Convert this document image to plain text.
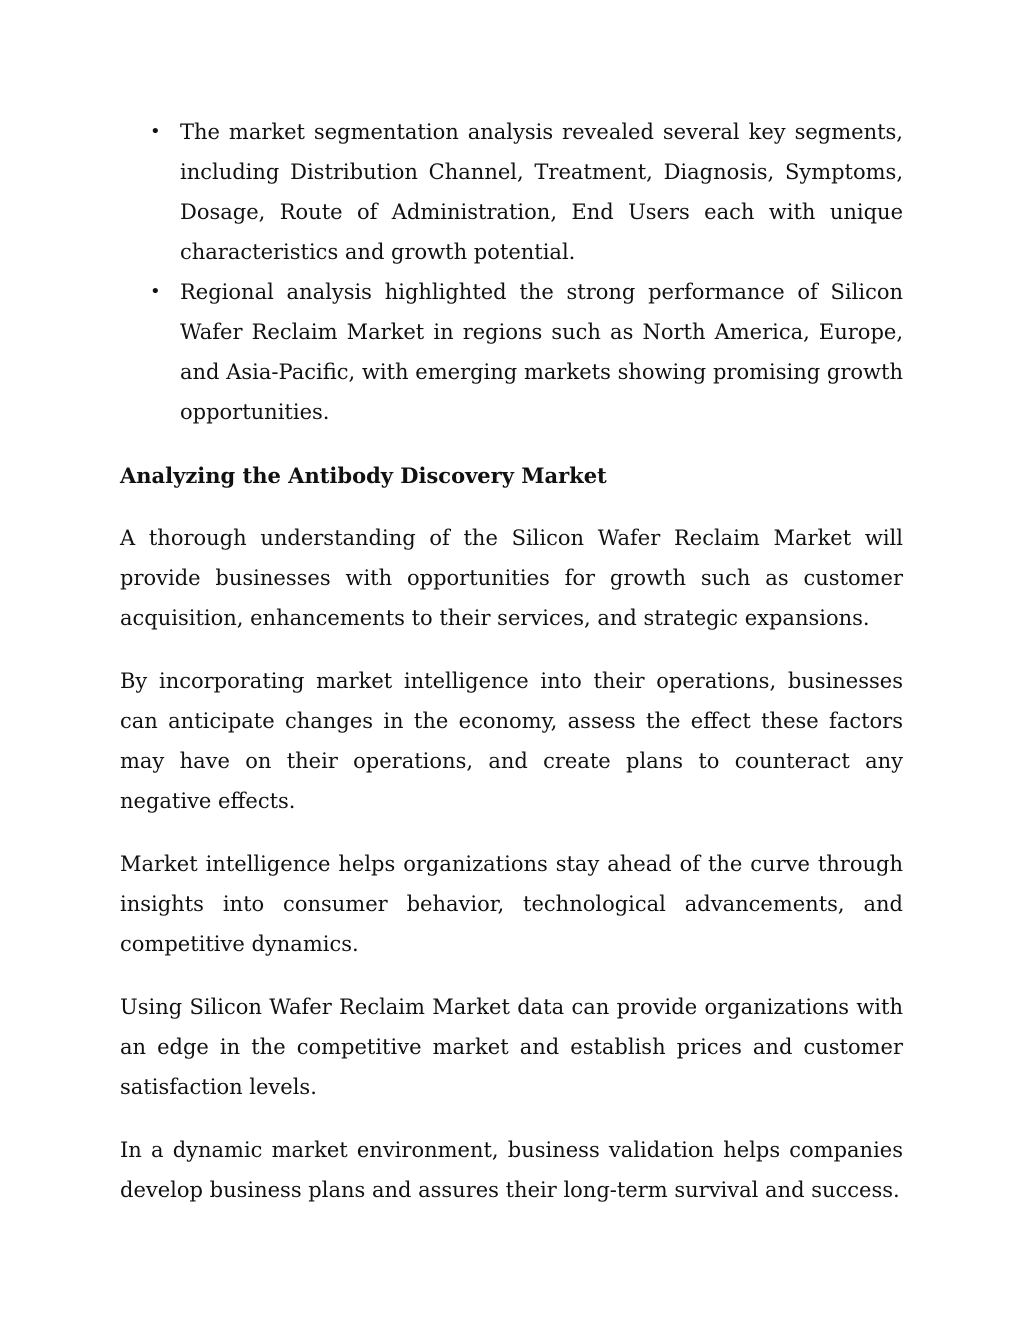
• The market segmentation analysis revealed several key segments, including Distribution Channel, Treatment, Diagnosis, Symptoms, Dosage, Route of Administration, End Users each with unique characteristics and growth potential.
• Regional analysis highlighted the strong performance of Silicon Wafer Reclaim Market in regions such as North America, Europe, and Asia-Pacific, with emerging markets showing promising growth opportunities.
Analyzing the Antibody Discovery Market

A thorough understanding of the Silicon Wafer Reclaim Market will provide businesses with opportunities for growth such as customer acquisition, enhancements to their services, and strategic expansions.

By incorporating market intelligence into their operations, businesses can anticipate changes in the economy, assess the effect these factors may have on their operations, and create plans to counteract any negative effects.

Market intelligence helps organizations stay ahead of the curve through insights into consumer behavior, technological advancements, and competitive dynamics.

Using Silicon Wafer Reclaim Market data can provide organizations with an edge in the competitive market and establish prices and customer satisfaction levels.

In a dynamic market environment, business validation helps companies develop business plans and assures their long-term survival and success.
